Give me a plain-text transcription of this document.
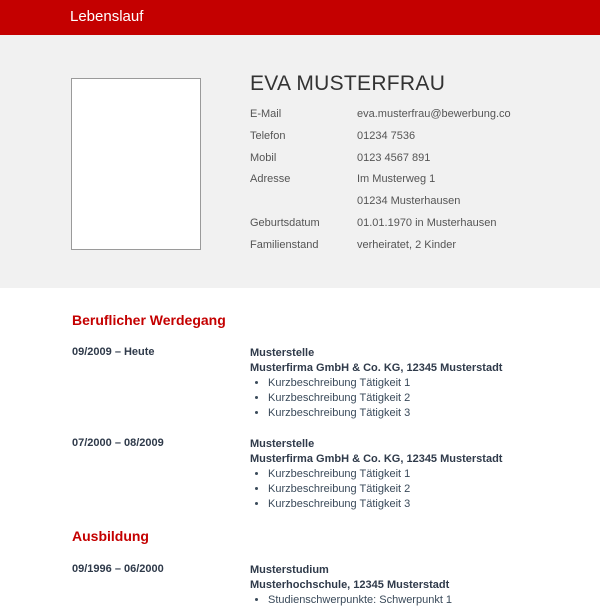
Lebenslauf
EVA MUSTERFRAU
E-Mail	eva.musterfrau@bewerbung.co
Telefon	01234 7536
Mobil	0123 4567 891
Adresse	Im Musterweg 1
01234 Musterhausen
Geburtsdatum	01.01.1970 in Musterhausen
Familienstand	verheiratet, 2 Kinder
Beruflicher Werdegang
09/2009 – Heute	Musterstelle
Musterfirma GmbH & Co. KG, 12345 Musterstadt
• Kurzbeschreibung Tätigkeit 1
• Kurzbeschreibung Tätigkeit 2
• Kurzbeschreibung Tätigkeit 3
07/2000 – 08/2009	Musterstelle
Musterfirma GmbH & Co. KG, 12345 Musterstadt
• Kurzbeschreibung Tätigkeit 1
• Kurzbeschreibung Tätigkeit 2
• Kurzbeschreibung Tätigkeit 3
Ausbildung
09/1996 – 06/2000	Musterstudium
Musterhochschule, 12345 Musterstadt
• Studienschwerpunkte: Schwerpunkt 1
